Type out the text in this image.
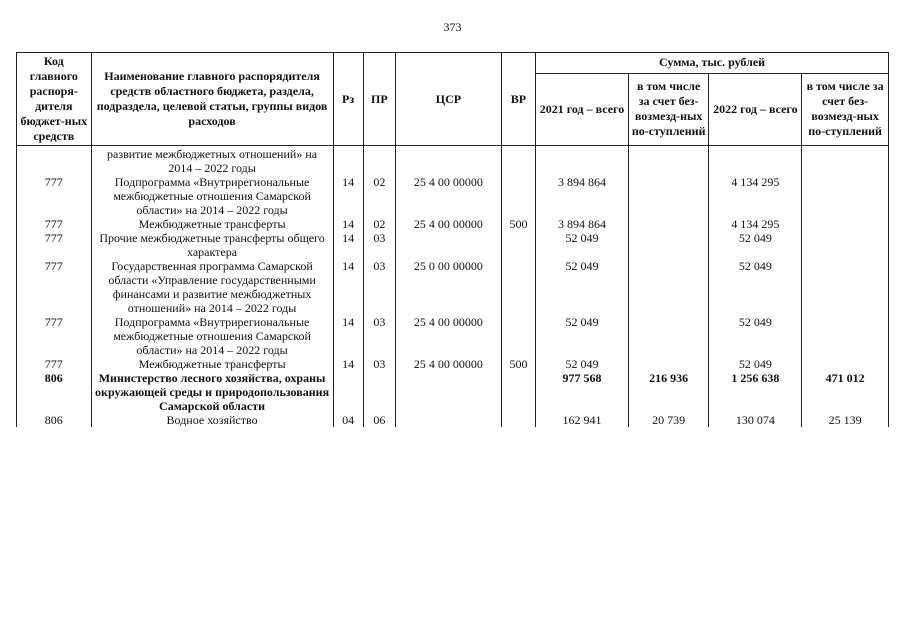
373
Код главного распоря-дителя бюджет-ных средств	Наименование главного распорядителя средств областного бюджета, раздела, подраздела, целевой статьи, группы видов расходов	Рз	ПР	ЦСР	ВР	Сумма, тыс. рублей			
						2021 год – всего	в том числе за счет без-возмезд-ных по-ступлений	2022 год – всего	в том числе за счет без-возмезд-ных по-ступлений
	развитие межбюджетных отношений» на 2014 – 2022 годы								
777	Подпрограмма «Внутрирегиональные межбюджетные отношения Самарской области» на 2014 – 2022 годы	14	02	25 4 00 00000		3 894 864		4 134 295	
777	Межбюджетные трансферты	14	02	25 4 00 00000	500	3 894 864		4 134 295	
777	Прочие межбюджетные трансферты общего характера	14	03			52 049		52 049	
777	Государственная программа Самарской области «Управление государственными финансами и развитие межбюджетных отношений» на 2014 – 2022 годы	14	03	25 0 00 00000		52 049		52 049	
777	Подпрограмма «Внутрирегиональные межбюджетные отношения Самарской области» на 2014 – 2022 годы	14	03	25 4 00 00000		52 049		52 049	
777	Межбюджетные трансферты	14	03	25 4 00 00000	500	52 049		52 049	
806	Министерство лесного хозяйства, охраны окружающей среды и природопользования Самарской области					977 568	216 936	1 256 638	471 012
806	Водное хозяйство	04	06			162 941	20 739	130 074	25 139
